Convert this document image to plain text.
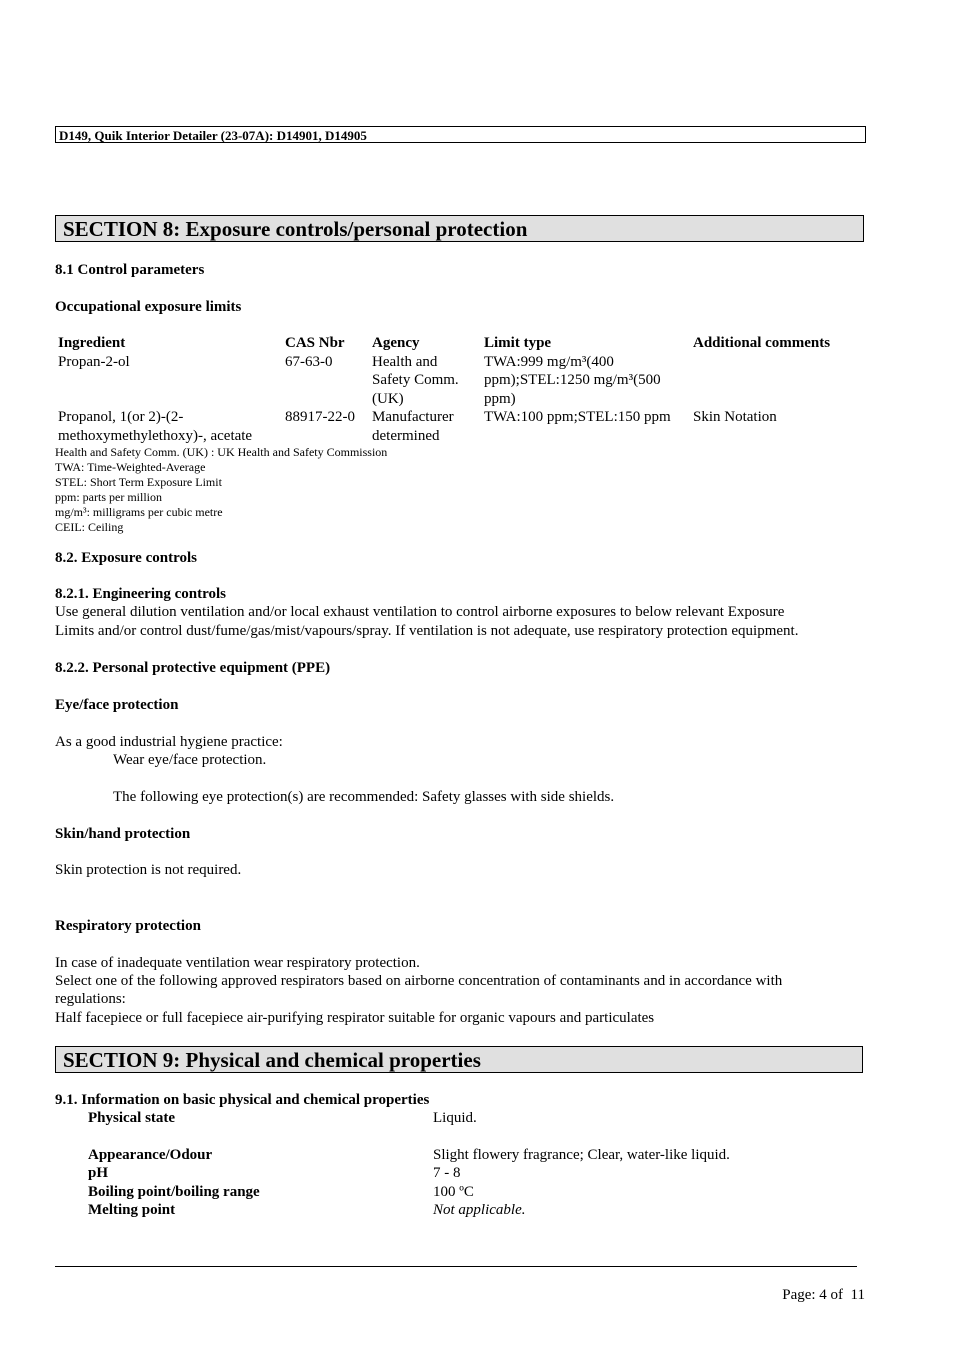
D149, Quik Interior Detailer (23-07A): D14901, D14905
SECTION 8: Exposure controls/personal protection
8.1 Control parameters
Occupational exposure limits
Ingredient	CAS Nbr	Agency	Limit type	Additional comments
Propan-2-ol	67-63-0	Health and Safety Comm. (UK)	TWA:999 mg/m³(400 ppm);STEL:1250 mg/m³(500 ppm)	
Propanol, 1(or 2)-(2-methoxymethylethoxy)-, acetate	88917-22-0	Manufacturer determined	TWA:100 ppm;STEL:150 ppm	Skin Notation
Health and Safety Comm. (UK) : UK Health and Safety Commission
TWA: Time-Weighted-Average
STEL: Short Term Exposure Limit
ppm: parts per million
mg/m³: milligrams per cubic metre
CEIL: Ceiling
8.2. Exposure controls
8.2.1. Engineering controls
Use general dilution ventilation and/or local exhaust ventilation to control airborne exposures to below relevant Exposure
Limits and/or control dust/fume/gas/mist/vapours/spray. If ventilation is not adequate, use respiratory protection equipment.
8.2.2. Personal protective equipment (PPE)
Eye/face protection
As a good industrial hygiene practice:
Wear eye/face protection.
The following eye protection(s) are recommended: Safety glasses with side shields.
Skin/hand protection
Skin protection is not required.
Respiratory protection
In case of inadequate ventilation wear respiratory protection.
Select one of the following approved respirators based on airborne concentration of contaminants and in accordance with
regulations:
Half facepiece or full facepiece air-purifying respirator suitable for organic vapours and particulates
SECTION 9: Physical and chemical properties
9.1. Information on basic physical and chemical properties
Physical state	Liquid.
Appearance/Odour	Slight flowery fragrance; Clear, water-like liquid.
pH	7 - 8
Boiling point/boiling range	100 ºC
Melting point	Not applicable.
Page: 4 of  11
